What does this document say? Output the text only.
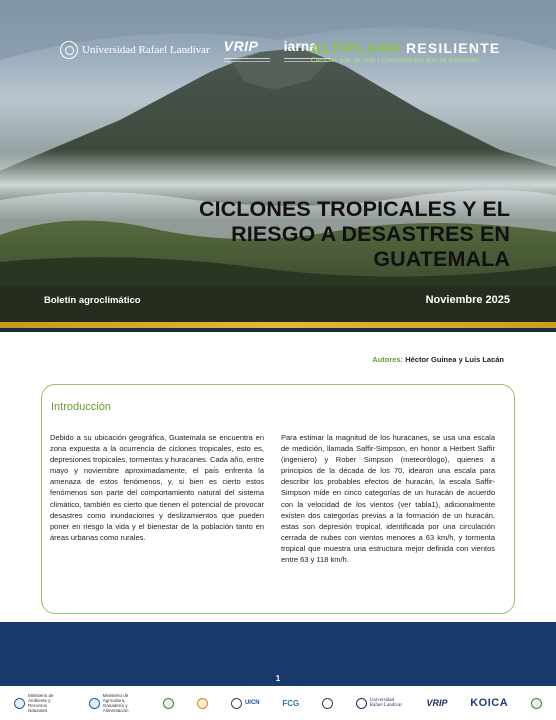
Universidad Rafael Landívar VRIP	iarna
ALTIPLANO RESILIENTE
Ciencias que se Vive | Comunidades que se Sostienen
CICLONES TROPICALES Y EL RIESGO A DESASTRES EN GUATEMALA
Boletín agroclimático	Noviembre 2025
Autores: Héctor Guinea y Luis Lacán
Introducción

Debido a su ubicación geográfica, Guatemala se encuentra en zona expuesta a la ocurrencia de ciclones tropicales, esto es, depresiones tropicales, tormentas y huracanes. Cada año, entre mayo y noviembre aproximadamente, el país enfrenta la amenaza de estos fenómenos, y, si bien es cierto estos fenómenos son parte del comportamiento natural del sistema climático, también es cierto que tienen el potencial de provocar desastres como inundaciones y deslizamientos que pueden poner en riesgo la vida y el bienestar de la población tanto en áreas urbanas como rurales.

Para estimar la magnitud de los huracanes, se usa una escala de medición, llamada Saffir-Simpson, en honor a Herbert Saffir (ingeniero) y Rober Simpson (meteorólogo), quienes a principios de la década de los 70, idearon una escala para describir los probables efectos de huracán, la escala Saffir-Simpson mide en cinco categorías de un huracán de acuerdo con la velocidad de los vientos (ver tabla1), adicionalmente existen dos categorías previas a la formación de un huracán, estas son depresión tropical, identificada por una circulación cerrada de nubes con vientos menores a 63 km/h, y tormenta tropical que muestra una estructura mejor definida con vientos entre 63 y 118 km/h.

1
Ministerio de Ambiente y Recursos Naturales
Ministerio de Agricultura, Ganadería y Alimentación
UICN	FCG	Universidad Rafael Landívar	VRIP KOICA
